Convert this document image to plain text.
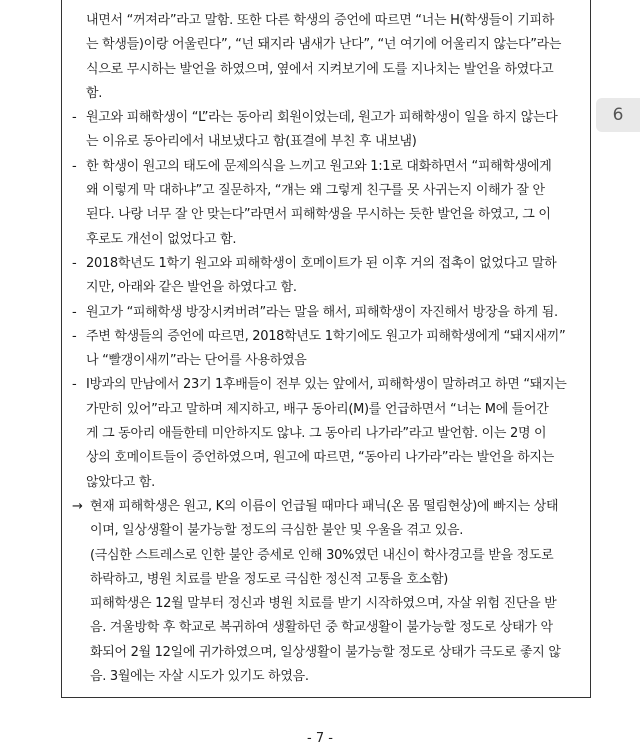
내면서 “꺼져라”라고 말함. 또한 다른 학생의 증언에 따르면 “너는 H(학생들이 기피하
는 학생들)이랑 어울린다”, “넌 돼지라 냄새가 난다”, “넌 여기에 어울리지 않는다”라는
식으로 무시하는 발언을 하였으며, 옆에서 지켜보기에 도를 지나치는 발언을 하였다고
함.
- 원고와 피해학생이 “L”라는 동아리 회원이었는데, 원고가 피해학생이 일을 하지 않는다
는 이유로 동아리에서 내보냈다고 함(표결에 부친 후 내보냄)
- 한 학생이 원고의 태도에 문제의식을 느끼고 원고와 1:1로 대화하면서 “피해학생에게
왜 이렇게 막 대하냐”고 질문하자, “걔는 왜 그렇게 친구를 못 사귀는지 이해가 잘 안
된다. 나랑 너무 잘 안 맞는다”라면서 피해학생을 무시하는 듯한 발언을 하였고, 그 이
후로도 개선이 없었다고 함.
- 2018학년도 1학기 원고와 피해학생이 호메이트가 된 이후 거의 접촉이 없었다고 말하
지만, 아래와 같은 발언을 하였다고 함.
- 원고가 “피해학생 방장시켜버려”라는 말을 해서, 피해학생이 자진해서 방장을 하게 됨.
- 주변 학생들의 증언에 따르면, 2018학년도 1학기에도 원고가 피해학생에게 “돼지새끼”
나 “빨갱이새끼”라는 단어를 사용하였음
- I방과의 만남에서 23기 1후배들이 전부 있는 앞에서, 피해학생이 말하려고 하면 “돼지는
가만히 있어”라고 말하며 제지하고, 배구 동아리(M)를 언급하면서 “너는 M에 들어간
게 그 동아리 애들한테 미안하지도 않냐. 그 동아리 나가라”라고 발언함. 이는 2명 이
상의 호메이트들이 증언하였으며, 원고에 따르면, “동아리 나가라”라는 발언을 하지는
않았다고 함.
→ 현재 피해학생은 원고, K의 이름이 언급될 때마다 패닉(온 몸 떨림현상)에 빠지는 상태
이며, 일상생활이 불가능할 정도의 극심한 불안 및 우울을 겪고 있음.
(극심한 스트레스로 인한 불안 증세로 인해 30%였던 내신이 학사경고를 받을 정도로
하락하고, 병원 치료를 받을 정도로 극심한 정신적 고통을 호소함)
피해학생은 12월 말부터 정신과 병원 치료를 받기 시작하였으며, 자살 위험 진단을 받
음. 겨울방학 후 학교로 복귀하여 생활하던 중 학교생활이 불가능할 정도로 상태가 악
화되어 2월 12일에 귀가하였으며, 일상생활이 불가능할 정도로 상태가 극도로 좋지 않
음. 3월에는 자살 시도가 있기도 하였음.
6
- 7 -
